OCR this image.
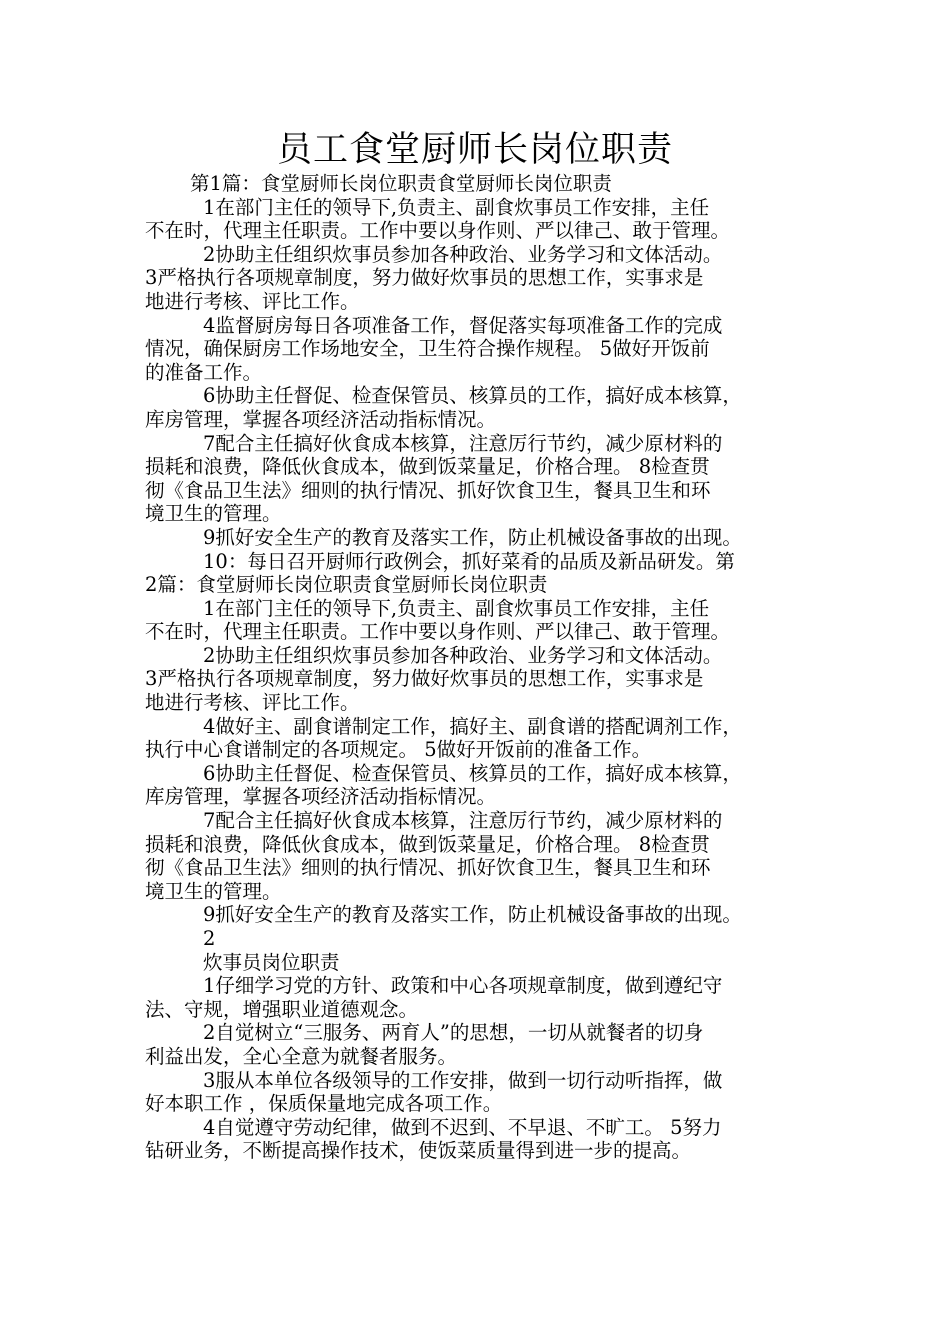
员工食堂厨师长岗位职责
第1篇：食堂厨师长岗位职责食堂厨师长岗位职责
1在部门主任的领导下,负责主、副食炊事员工作安排，主任
不在时，代理主任职责。工作中要以身作则、严以律己、敢于管理。
2协助主任组织炊事员参加各种政治、业务学习和文体活动。
3严格执行各项规章制度，努力做好炊事员的思想工作，实事求是
地进行考核、评比工作。
4监督厨房每日各项准备工作，督促落实每项准备工作的完成
情况，确保厨房工作场地安全，卫生符合操作规程。 5做好开饭前
的准备工作。
6协助主任督促、检查保管员、核算员的工作，搞好成本核算，
库房管理，掌握各项经济活动指标情况。
7配合主任搞好伙食成本核算，注意厉行节约，减少原材料的
损耗和浪费，降低伙食成本，做到饭菜量足，价格合理。 8检查贯
彻《食品卫生法》细则的执行情况、抓好饮食卫生，餐具卫生和环
境卫生的管理。
9抓好安全生产的教育及落实工作，防止机械设备事故的出现。
10：每日召开厨师行政例会，抓好菜肴的品质及新品研发。第
2篇：食堂厨师长岗位职责食堂厨师长岗位职责
1在部门主任的领导下,负责主、副食炊事员工作安排，主任
不在时，代理主任职责。工作中要以身作则、严以律己、敢于管理。
2协助主任组织炊事员参加各种政治、业务学习和文体活动。
3严格执行各项规章制度，努力做好炊事员的思想工作，实事求是
地进行考核、评比工作。
4做好主、副食谱制定工作，搞好主、副食谱的搭配调剂工作，
执行中心食谱制定的各项规定。 5做好开饭前的准备工作。
6协助主任督促、检查保管员、核算员的工作，搞好成本核算，
库房管理，掌握各项经济活动指标情况。
7配合主任搞好伙食成本核算，注意厉行节约，减少原材料的
损耗和浪费，降低伙食成本，做到饭菜量足，价格合理。 8检查贯
彻《食品卫生法》细则的执行情况、抓好饮食卫生，餐具卫生和环
境卫生的管理。
9抓好安全生产的教育及落实工作，防止机械设备事故的出现。
2
炊事员岗位职责
1仔细学习党的方针、政策和中心各项规章制度，做到遵纪守
法、守规，增强职业道德观念。
2自觉树立“三服务、两育人”的思想，一切从就餐者的切身
利益出发，全心全意为就餐者服务。
3服从本单位各级领导的工作安排，做到一切行动听指挥，做
好本职工作 ，保质保量地完成各项工作。
4自觉遵守劳动纪律，做到不迟到、不早退、不旷工。 5努力
钻研业务，不断提高操作技术，使饭菜质量得到进一步的提高。
